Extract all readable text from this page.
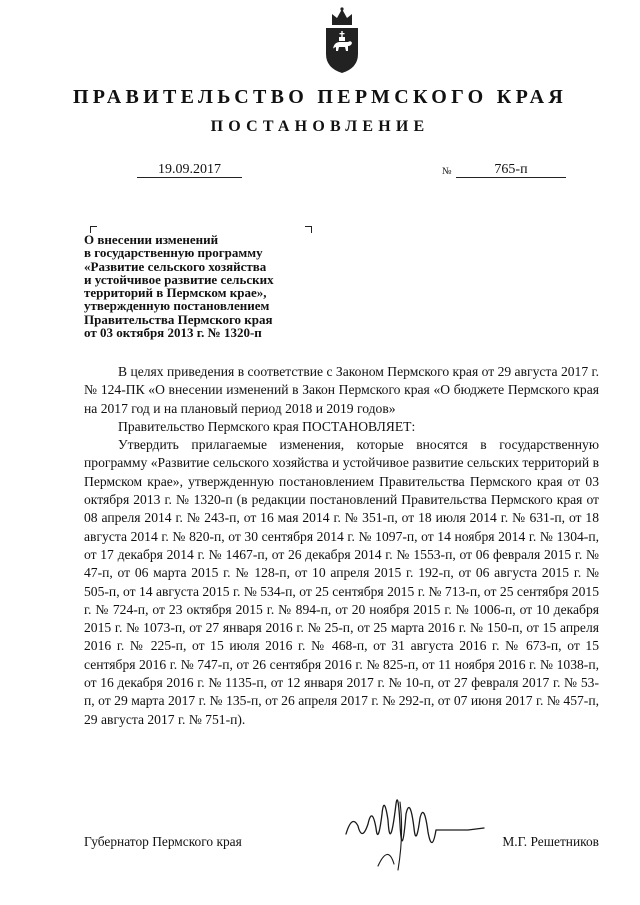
ПРАВИТЕЛЬСТВО ПЕРМСКОГО КРАЯ
ПОСТАНОВЛЕНИЕ
19.09.2017	№	765-п
О внесении изменений
в государственную программу
«Развитие сельского хозяйства
и устойчивое развитие сельских
территорий в Пермском крае»,
утвержденную постановлением
Правительства Пермского края
от 03 октября 2013 г. № 1320-п

В целях приведения в соответствие с Законом Пермского края от 29 августа 2017 г. № 124-ПК «О внесении изменений в Закон Пермского края «О бюджете Пермского края на 2017 год и на плановый период 2018 и 2019 годов»

Правительство Пермского края ПОСТАНОВЛЯЕТ:

Утвердить прилагаемые изменения, которые вносятся в государственную программу «Развитие сельского хозяйства и устойчивое развитие сельских территорий в Пермском крае», утвержденную постановлением Правительства Пермского края от 03 октября 2013 г. № 1320-п (в редакции постановлений Правительства Пермского края от 08 апреля 2014 г. № 243-п, от 16 мая 2014 г. № 351-п, от 18 июля 2014 г. № 631-п, от 18 августа 2014 г. № 820-п, от 30 сентября 2014 г. № 1097-п, от 14 ноября 2014 г. № 1304-п, от 17 декабря 2014 г. № 1467-п, от 26 декабря 2014 г. № 1553-п, от 06 февраля 2015 г. № 47-п, от 06 марта 2015 г. № 128-п, от 10 апреля 2015 г. 192-п, от 06 августа 2015 г. № 505-п, от 14 августа 2015 г. № 534-п, от 25 сентября 2015 г. № 713-п, от 25 сентября 2015 г. № 724-п, от 23 октября 2015 г. № 894-п, от 20 ноября 2015 г. № 1006-п, от 10 декабря 2015 г. № 1073-п, от 27 января 2016 г. № 25-п, от 25 марта 2016 г. № 150-п, от 15 апреля 2016 г. № 225-п, от 15 июля 2016 г. № 468-п, от 31 августа 2016 г. № 673-п, от 15 сентября 2016 г. № 747-п, от 26 сентября 2016 г. № 825-п, от 11 ноября 2016 г. № 1038-п, от 16 декабря 2016 г. № 1135-п, от 12 января 2017 г. № 10-п, от 27 февраля 2017 г. № 53-п, от 29 марта 2017 г. № 135-п, от 26 апреля 2017 г. № 292-п, от 07 июня 2017 г. № 457-п, 29 августа 2017 г. № 751-п).

Губернатор Пермского края	М.Г. Решетников
